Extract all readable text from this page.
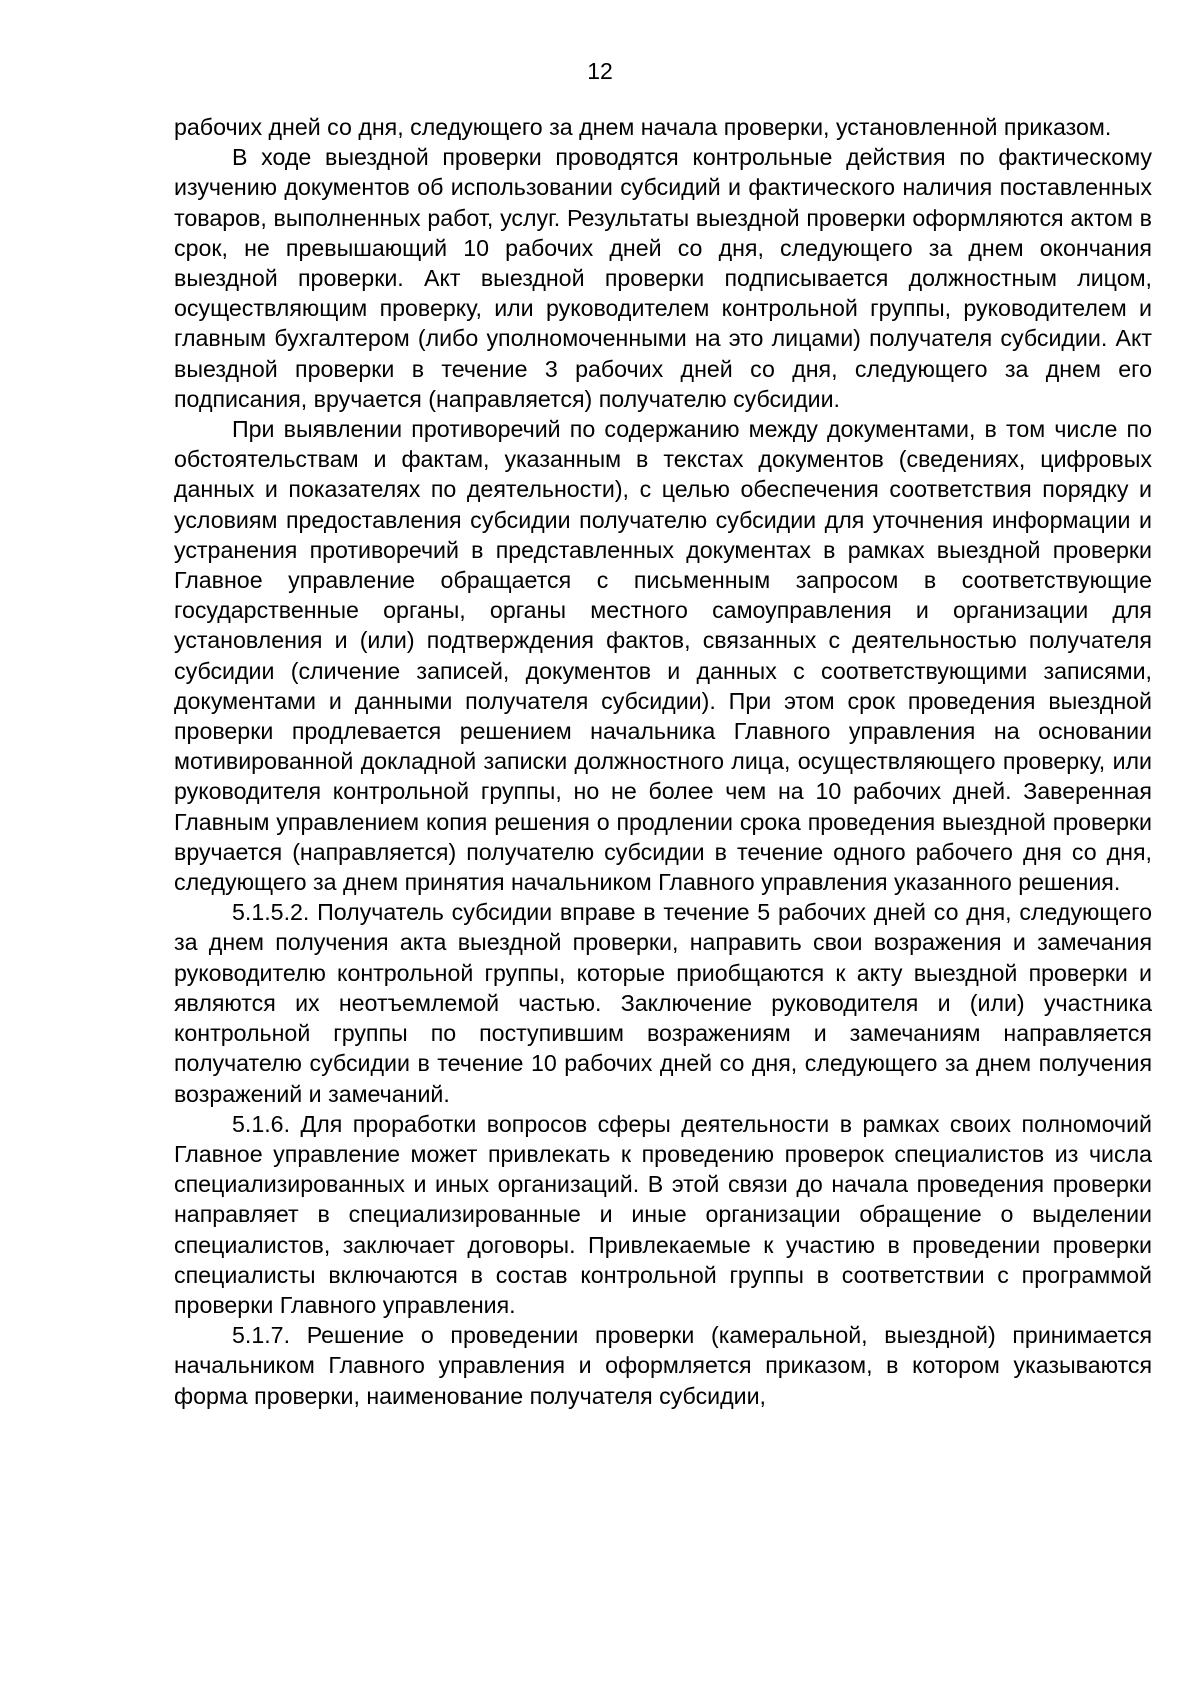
12

рабочих дней со дня, следующего за днем начала проверки, установленной приказом.

В ходе выездной проверки проводятся контрольные действия по фактическому изучению документов об использовании субсидий и фактического наличия поставленных товаров, выполненных работ, услуг. Результаты выездной проверки оформляются актом в срок, не превышающий 10 рабочих дней со дня, следующего за днем окончания выездной проверки. Акт выездной проверки подписывается должностным лицом, осуществляющим проверку, или руководителем контрольной группы, руководителем и главным бухгалтером (либо уполномоченными на это лицами) получателя субсидии. Акт выездной проверки в течение 3 рабочих дней со дня, следующего за днем его подписания, вручается (направляется) получателю субсидии.

При выявлении противоречий по содержанию между документами, в том числе по обстоятельствам и фактам, указанным в текстах документов (сведениях, цифровых данных и показателях по деятельности), с целью обеспечения соответствия порядку и условиям предоставления субсидии получателю субсидии для уточнения информации и устранения противоречий в представленных документах в рамках выездной проверки Главное управление обращается с письменным запросом в соответствующие государственные органы, органы местного самоуправления и организации для установления и (или) подтверждения фактов, связанных с деятельностью получателя субсидии (сличение записей, документов и данных с соответствующими записями, документами и данными получателя субсидии). При этом срок проведения выездной проверки продлевается решением начальника Главного управления на основании мотивированной докладной записки должностного лица, осуществляющего проверку, или руководителя контрольной группы, но не более чем на 10 рабочих дней. Заверенная Главным управлением копия решения о продлении срока проведения выездной проверки вручается (направляется) получателю субсидии в течение одного рабочего дня со дня, следующего за днем принятия начальником Главного управления указанного решения.

5.1.5.2. Получатель субсидии вправе в течение 5 рабочих дней со дня, следующего за днем получения акта выездной проверки, направить свои возражения и замечания руководителю контрольной группы, которые приобщаются к акту выездной проверки и являются их неотъемлемой частью. Заключение руководителя и (или) участника контрольной группы по поступившим возражениям и замечаниям направляется получателю субсидии в течение 10 рабочих дней со дня, следующего за днем получения возражений и замечаний.

5.1.6. Для проработки вопросов сферы деятельности в рамках своих полномочий Главное управление может привлекать к проведению проверок специалистов из числа специализированных и иных организаций. В этой связи до начала проведения проверки направляет в специализированные и иные организации обращение о выделении специалистов, заключает договоры. Привлекаемые к участию в проведении проверки специалисты включаются в состав контрольной группы в соответствии с программой проверки Главного управления.

5.1.7. Решение о проведении проверки (камеральной, выездной) принимается начальником Главного управления и оформляется приказом, в котором указываются форма проверки, наименование получателя субсидии,
